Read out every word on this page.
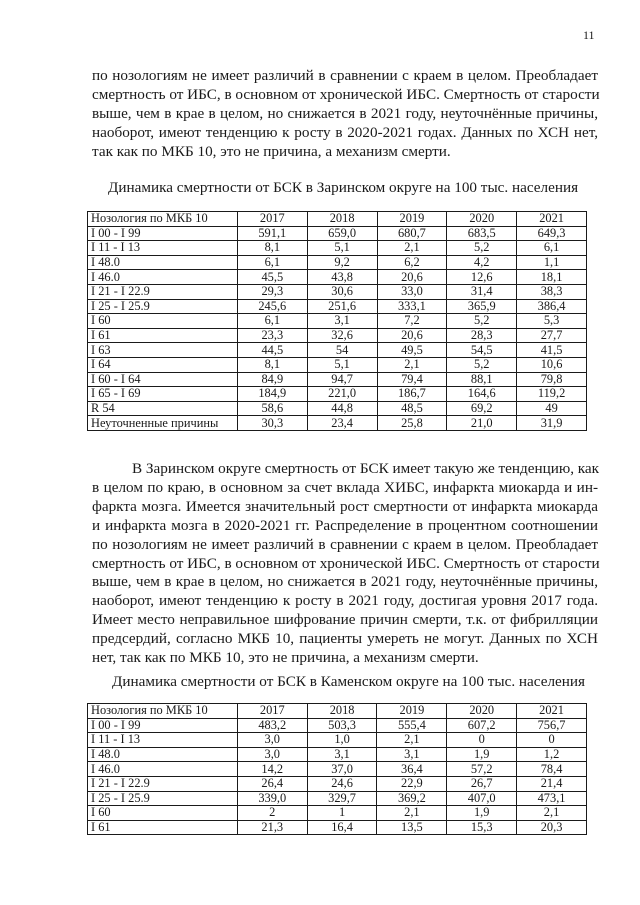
11
по нозологиям не имеет различий в сравнении с краем в целом. Преобладает
смертность от ИБС, в основном от хронической ИБС. Смертность от старости
выше, чем в крае в целом, но снижается в 2021 году, неуточнённые причины,
наоборот, имеют тенденцию к росту в 2020-2021 годах. Данных по ХСН нет,
так как по МКБ 10, это не причина, а механизм смерти.
Динамика смертности от БСК в Заринском округе на 100 тыс. населения
Нозология по МКБ 10	2017	2018	2019	2020	2021
I 00 - I 99	591,1	659,0	680,7	683,5	649,3
I 11 - I 13	8,1	5,1	2,1	5,2	6,1
I 48.0	6,1	9,2	6,2	4,2	1,1
I 46.0	45,5	43,8	20,6	12,6	18,1
I 21 - I 22.9	29,3	30,6	33,0	31,4	38,3
I 25 - I 25.9	245,6	251,6	333,1	365,9	386,4
I 60	6,1	3,1	7,2	5,2	5,3
I 61	23,3	32,6	20,6	28,3	27,7
I 63	44,5	54	49,5	54,5	41,5
I 64	8,1	5,1	2,1	5,2	10,6
I 60 - I 64	84,9	94,7	79,4	88,1	79,8
I 65 - I 69	184,9	221,0	186,7	164,6	119,2
R 54	58,6	44,8	48,5	69,2	49
Неуточненные причины	30,3	23,4	25,8	21,0	31,9
В Заринском округе смертность от БСК имеет такую же тенденцию, как
в целом по краю, в основном за счет вклада ХИБС, инфаркта миокарда и ин-
фаркта мозга. Имеется значительный рост смертности от инфаркта миокарда
и инфаркта мозга в 2020-2021 гг. Распределение в процентном соотношении
по нозологиям не имеет различий в сравнении с краем в целом. Преобладает
смертность от ИБС, в основном от хронической ИБС. Смертность от старости
выше, чем в крае в целом, но снижается в 2021 году, неуточнённые причины,
наоборот, имеют тенденцию к росту в 2021 году, достигая уровня 2017 года.
Имеет место неправильное шифрование причин смерти, т.к. от фибрилляции
предсердий, согласно МКБ 10, пациенты умереть не могут. Данных по ХСН
нет, так как по МКБ 10, это не причина, а механизм смерти.
Динамика смертности от БСК в Каменском округе на 100 тыс. населения
Нозология по МКБ 10	2017	2018	2019	2020	2021
I 00 - I 99	483,2	503,3	555,4	607,2	756,7
I 11 - I 13	3,0	1,0	2,1	0	0
I 48.0	3,0	3,1	3,1	1,9	1,2
I 46.0	14,2	37,0	36,4	57,2	78,4
I 21 - I 22.9	26,4	24,6	22,9	26,7	21,4
I 25 - I 25.9	339,0	329,7	369,2	407,0	473,1
I 60	2	1	2,1	1,9	2,1
I 61	21,3	16,4	13,5	15,3	20,3
